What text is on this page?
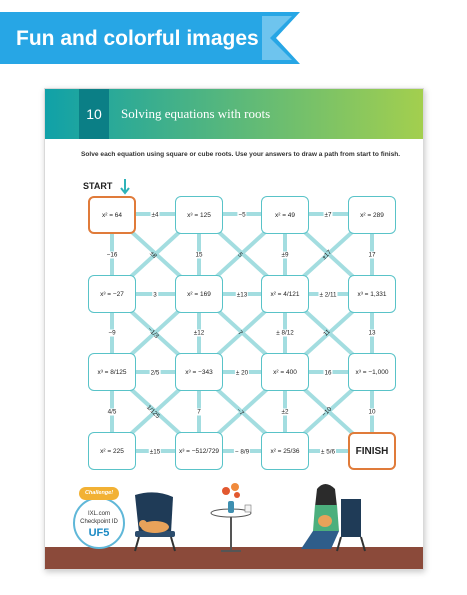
Fun and colorful images
10	Solving equations with roots
Solve each equation using square or cube roots. Use your answers to draw a path from start to finish.
START
x² = 64	x³ = 125	x² = 49	x² = 289
x³ = −27	x² = 169	x² = 4/121	x³ = 1,331
x³ = 8/125	x³ = −343	x² = 400	x³ = −1,000
x² = 225	x³ = −512/729	x² = 25/36	FINISH
±4	−5	±7
−16	±8	15	5	±9	±17	17
3	±13	± 2/11
−9	−1/3	±12	7	± 8/12	11	13
2/5	± 20	16
4/5	1/125	7	−7	±2	−10	10
±15	− 8/9	± 5/6
Challenge!
IXL.com
Checkpoint ID
UF5
